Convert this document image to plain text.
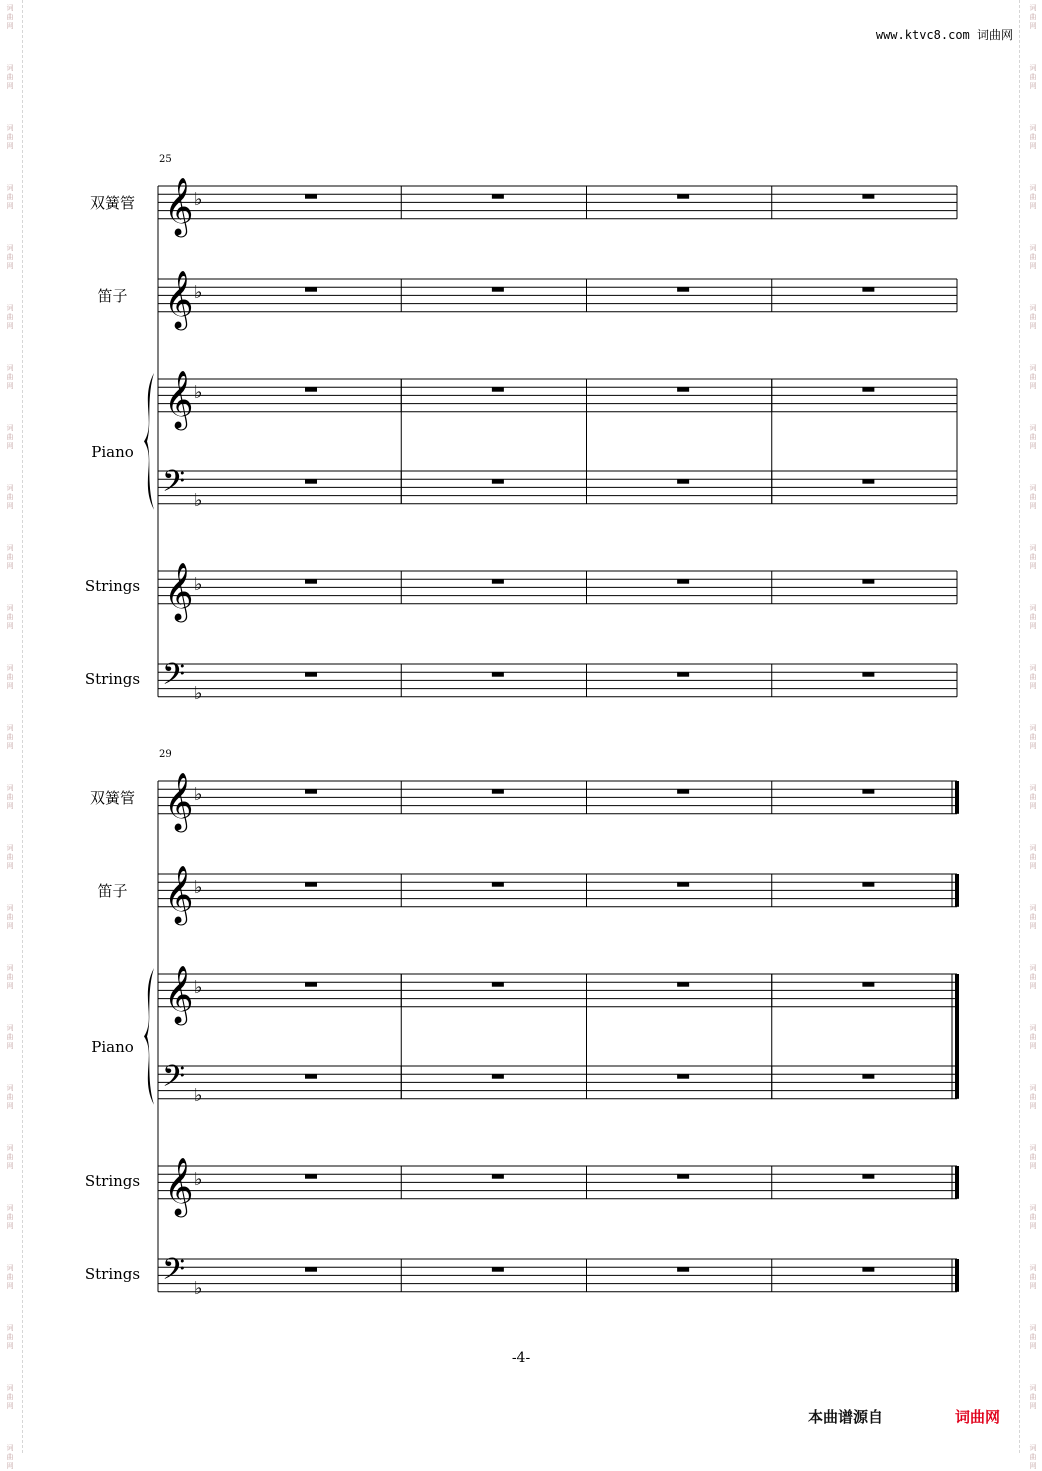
词
曲
网
词
曲
网
词
曲
网
词
曲
网
词
曲
网
词
曲
网
词
曲
网
词
曲
网
词
曲
网
词
曲
网
词
曲
网
词
曲
网
词
曲
网
词
曲
网
词
曲
网
词
曲
网
词
曲
网
词
曲
网
词
曲
网
词
曲
网
词
曲
网
词
曲
网
词
曲
网
词
曲
网
词
曲
网
词
曲
网
词
曲
网
词
曲
网
词
曲
网
词
曲
网
词
曲
网
词
曲
网
词
曲
网
词
曲
网
词
曲
网
词
曲
网
词
曲
网
词
曲
网
词
曲
网
词
曲
网
词
曲
网
词
曲
网
词
曲
网
词
曲
网
词
曲
网
词
曲
网
词
曲
网
词
曲
网
词
曲
网
词
曲
网
www.ktvc8.com 词曲网
25
双簧管
笛子
Piano
Strings
Strings
29
双簧管
笛子
Piano
Strings
Strings
𝄞 ♭
𝄞 ♭
𝄞 ♭
𝄢 ♭
𝄞 ♭
𝄢 ♭
𝄞 ♭
𝄞 ♭
𝄞 ♭
𝄢 ♭
𝄞 ♭
𝄢 ♭
-4-
本曲谱源自	词曲网
